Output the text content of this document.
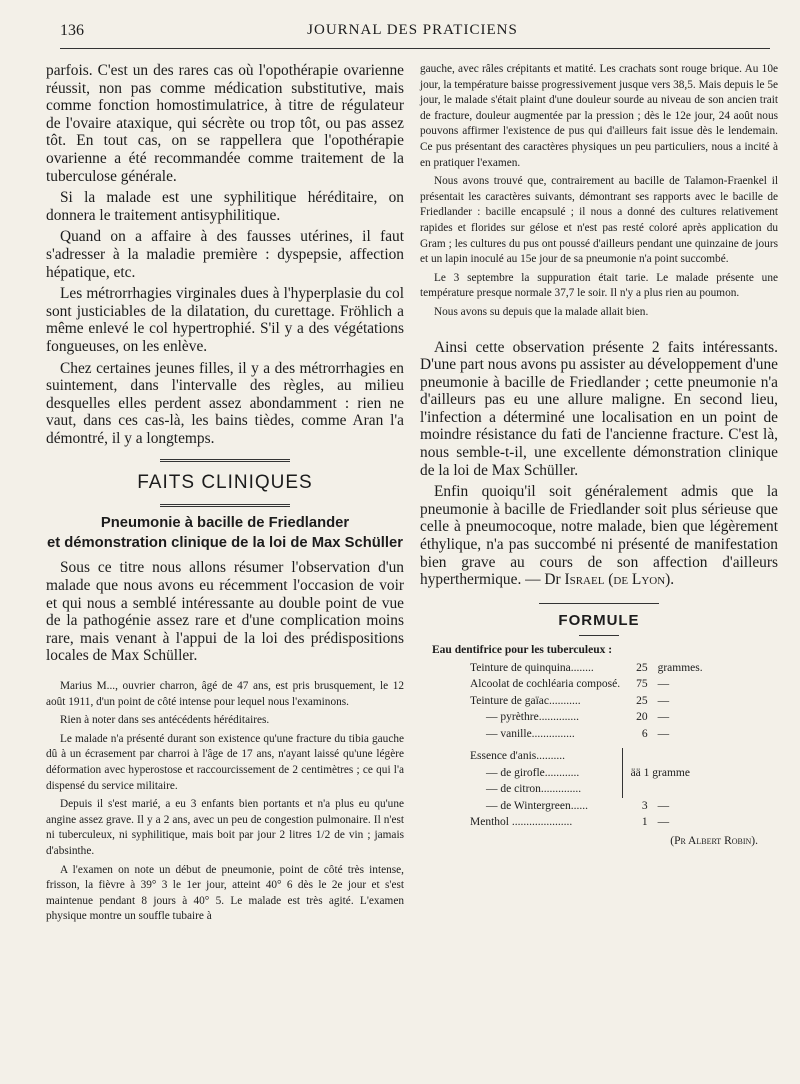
136	JOURNAL DES PRATICIENS

parfois. C'est un des rares cas où l'opothérapie ovarienne réussit, non pas comme médication substitutive, mais comme fonction homostimulatrice, à titre de régulateur de l'ovaire ataxique, qui sécrète ou trop tôt, ou pas assez tôt. En tout cas, on se rappellera que l'opothérapie ovarienne a été recommandée comme traitement de la tuberculose générale.

Si la malade est une syphilitique héréditaire, on donnera le traitement antisyphilitique.

Quand on a affaire à des fausses utérines, il faut s'adresser à la maladie première : dyspepsie, affection hépatique, etc.

Les métrorrhagies virginales dues à l'hyperplasie du col sont justiciables de la dilatation, du curettage. Fröhlich a même enlevé le col hypertrophié. S'il y a des végétations fongueuses, on les enlève.

Chez certaines jeunes filles, il y a des métrorrhagies en suintement, dans l'intervalle des règles, au milieu desquelles elles perdent assez abondamment : rien ne vaut, dans ces cas-là, les bains tièdes, comme Aran l'a démontré, il y a longtemps.

FAITS CLINIQUES
Pneumonie à bacille de Friedlander
et démonstration clinique de la loi de Max Schüller

Sous ce titre nous allons résumer l'observation d'un malade que nous avons eu récemment l'occasion de voir et qui nous a semblé intéressante au double point de vue de la pathogénie assez rare et d'une complication moins rare, mais venant à l'appui de la loi des prédispositions locales de Max Schüller.

Marius M..., ouvrier charron, âgé de 47 ans, est pris brusquement, le 12 août 1911, d'un point de côté intense pour lequel nous l'examinons.

Rien à noter dans ses antécédents héréditaires.

Le malade n'a présenté durant son existence qu'une fracture du tibia gauche dû à un écrasement par charroi à l'âge de 17 ans, n'ayant laissé qu'une légère déformation avec hyperostose et raccourcissement de 2 centimètres ; ce qui l'a dispensé du service militaire.

Depuis il s'est marié, a eu 3 enfants bien portants et n'a plus eu qu'une angine assez grave. Il y a 2 ans, avec un peu de congestion pulmonaire. Il n'est ni tuberculeux, ni syphilitique, mais boit par jour 2 litres 1/2 de vin ; jamais d'absinthe.

A l'examen on note un début de pneumonie, point de côté très intense, frisson, la fièvre à 39° 3 le 1er jour, atteint 40° 6 dès le 2e jour et s'est maintenue pendant 8 jours à 40° 5. Le malade est très agité. L'examen physique montre un souffle tubaire à

gauche, avec râles crépitants et matité. Les crachats sont rouge brique. Au 10e jour, la température baisse progressivement jusque vers 38,5. Mais depuis le 5e jour, le malade s'était plaint d'une douleur sourde au niveau de son ancien trait de fracture, douleur augmentée par la pression ; dès le 12e jour, 24 août nous pouvons affirmer l'existence de pus qui d'ailleurs fait issue dès le lendemain. Ce pus présentant des caractères physiques un peu particuliers, nous a incité à en pratiquer l'examen.

Nous avons trouvé que, contrairement au bacille de Talamon-Fraenkel il présentait les caractères suivants, démontrant ses rapports avec le bacille de Friedlander : bacille encapsulé ; il nous a donné des cultures relativement rapides et florides sur gélose et n'est pas resté coloré après application du Gram ; les cultures du pus ont poussé d'ailleurs pendant une quinzaine de jours et un lapin inoculé au 15e jour de sa pneumonie n'a point succombé.

Le 3 septembre la suppuration était tarie. Le malade présente une température presque normale 37,7 le soir. Il n'y a plus rien au poumon.

Nous avons su depuis que la malade allait bien.

Ainsi cette observation présente 2 faits intéressants. D'une part nous avons pu assister au développement d'une pneumonie à bacille de Friedlander ; cette pneumonie n'a d'ailleurs pas eu une allure maligne. En second lieu, l'infection a déterminé une localisation en un point de moindre résistance du fati de l'ancienne fracture. C'est là, nous semble-t-il, une excellente démonstration clinique de la loi de Max Schüller.

Enfin quoiqu'il soit généralement admis que la pneumonie à bacille de Friedlander soit plus sérieuse que celle à pneumocoque, notre malade, bien que légèrement éthylique, n'a pas succombé ni présenté de manifestation bien grave au cours de son affection d'ailleurs hyperthermique. — Dr Israel (de Lyon).

FORMULE
Eau dentifrice pour les tuberculeux :
Teinture de quinquina........	25	grammes.
Alcoolat de cochléaria composé.	75	—
Teinture de gaïac...........	25	—
— pyrèthre..............	20	—
— vanille...............	6	—

Essence d'anis..........	ää 1 gramme	
— de girofle............		
— de citron..............		
— de Wintergreen......	3	—
Menthol .....................	1	—
(Pr Albert Robin).
